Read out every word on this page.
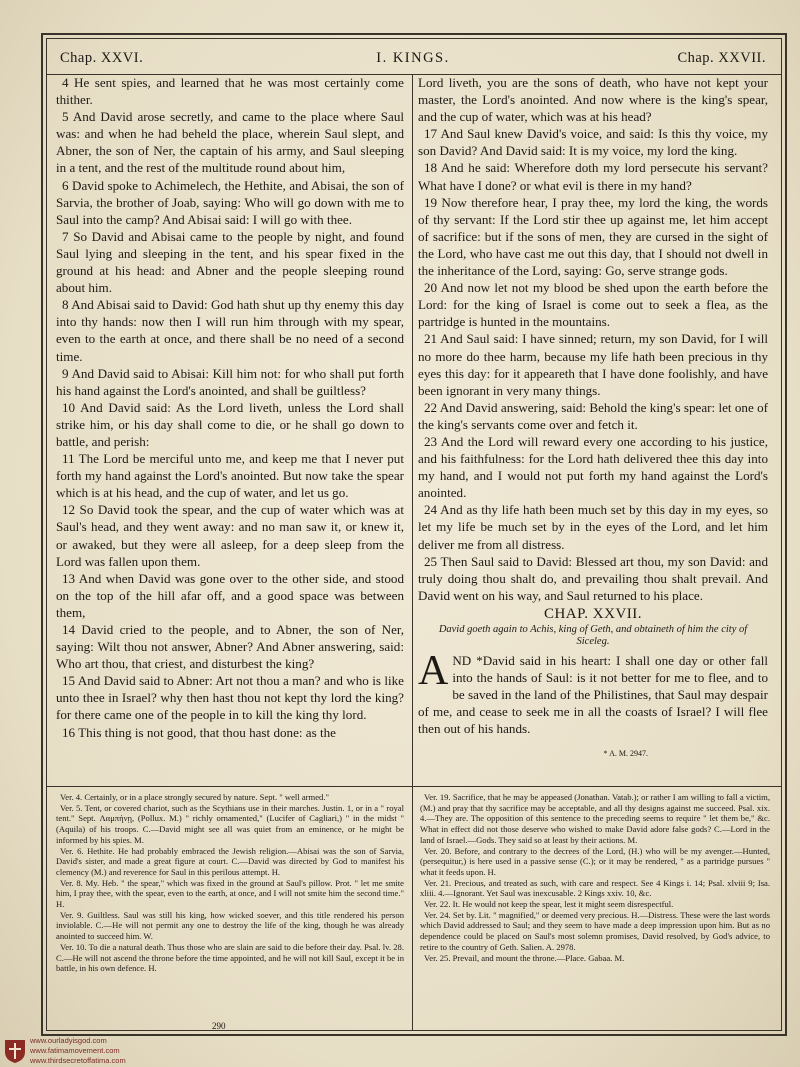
Chap. XXVI.	I. KINGS.	Chap. XXVII.

4 He sent spies, and learned that he was most certainly come thither.

5 And David arose secretly, and came to the place where Saul was: and when he had beheld the place, wherein Saul slept, and Abner, the son of Ner, the captain of his army, and Saul sleeping in a tent, and the rest of the multitude round about him,

6 David spoke to Achimelech, the Hethite, and Abisai, the son of Sarvia, the brother of Joab, saying: Who will go down with me to Saul into the camp? And Abisai said: I will go with thee.

7 So David and Abisai came to the people by night, and found Saul lying and sleeping in the tent, and his spear fixed in the ground at his head: and Abner and the people sleeping round about him.

8 And Abisai said to David: God hath shut up thy enemy this day into thy hands: now then I will run him through with my spear, even to the earth at once, and there shall be no need of a second time.

9 And David said to Abisai: Kill him not: for who shall put forth his hand against the Lord's anointed, and shall be guiltless?

10 And David said: As the Lord liveth, unless the Lord shall strike him, or his day shall come to die, or he shall go down to battle, and perish:

11 The Lord be merciful unto me, and keep me that I never put forth my hand against the Lord's anointed. But now take the spear which is at his head, and the cup of water, and let us go.

12 So David took the spear, and the cup of water which was at Saul's head, and they went away: and no man saw it, or knew it, or awaked, but they were all asleep, for a deep sleep from the Lord was fallen upon them.

13 And when David was gone over to the other side, and stood on the top of the hill afar off, and a good space was between them,

14 David cried to the people, and to Abner, the son of Ner, saying: Wilt thou not answer, Abner? And Abner answering, said: Who art thou, that criest, and disturbest the king?

15 And David said to Abner: Art not thou a man? and who is like unto thee in Israel? why then hast thou not kept thy lord the king? for there came one of the people in to kill the king thy lord.

16 This thing is not good, that thou hast done: as the

Lord liveth, you are the sons of death, who have not kept your master, the Lord's anointed. And now where is the king's spear, and the cup of water, which was at his head?

17 And Saul knew David's voice, and said: Is this thy voice, my son David? And David said: It is my voice, my lord the king.

18 And he said: Wherefore doth my lord persecute his servant? What have I done? or what evil is there in my hand?

19 Now therefore hear, I pray thee, my lord the king, the words of thy servant: If the Lord stir thee up against me, let him accept of sacrifice: but if the sons of men, they are cursed in the sight of the Lord, who have cast me out this day, that I should not dwell in the inheritance of the Lord, saying: Go, serve strange gods.

20 And now let not my blood be shed upon the earth before the Lord: for the king of Israel is come out to seek a flea, as the partridge is hunted in the mountains.

21 And Saul said: I have sinned; return, my son David, for I will no more do thee harm, because my life hath been precious in thy eyes this day: for it appeareth that I have done foolishly, and have been ignorant in very many things.

22 And David answering, said: Behold the king's spear: let one of the king's servants come over and fetch it.

23 And the Lord will reward every one according to his justice, and his faithfulness: for the Lord hath delivered thee this day into my hand, and I would not put forth my hand against the Lord's anointed.

24 And as thy life hath been much set by this day in my eyes, so let my life be much set by in the eyes of the Lord, and let him deliver me from all distress.

25 Then Saul said to David: Blessed art thou, my son David: and truly doing thou shalt do, and prevailing thou shalt prevail. And David went on his way, and Saul returned to his place.

CHAP. XXVII.
David goeth again to Achis, king of Geth, and obtaineth of him the city of Siceleg.

AND *David said in his heart: I shall one day or other fall into the hands of Saul: is it not better for me to flee, and to be saved in the land of the Philistines, that Saul may despair of me, and cease to seek me in all the coasts of Israel? I will flee then out of his hands.

* A. M. 2947.

Ver. 4. Certainly, or in a place strongly secured by nature. Sept. " well armed."

Ver. 5. Tent, or covered chariot, such as the Scythians use in their marches. Justin. 1, or in a " royal tent." Sept. Λαμπήνῃ, (Pollux. M.) " richly ornamented," (Lucifer of Cagliari,) " in the midst " (Aquila) of his troops. C.—David might see all was quiet from an eminence, or he might be informed by his spies. M.

Ver. 6. Hethite. He had probably embraced the Jewish religion.—Abisai was the son of Sarvia, David's sister, and made a great figure at court. C.—David was directed by God to manifest his clemency (M.) and reverence for Saul in this perilous attempt. H.

Ver. 8. My. Heb. " the spear," which was fixed in the ground at Saul's pillow. Prot. " let me smite him, I pray thee, with the spear, even to the earth, at once, and I will not smite him the second time." H.

Ver. 9. Guiltless. Saul was still his king, how wicked soever, and this title rendered his person inviolable. C.—He will not permit any one to destroy the life of the king, though he was already anointed to succeed him. W.

Ver. 10. To die a natural death. Thus those who are slain are said to die before their day. Psal. lv. 28. C.—He will not ascend the throne before the time appointed, and he will not kill Saul, except it be in battle, in his own defence. H.

Ver. 19. Sacrifice, that he may be appeased (Jonathan. Vatab.); or rather I am willing to fall a victim, (M.) and pray that thy sacrifice may be acceptable, and all thy designs against me succeed. Psal. xix. 4.—They are. The opposition of this sentence to the preceding seems to require " let them be," &c. What in effect did not those deserve who wished to make David adore false gods? C.—Lord in the land of Israel.—Gods. They said so at least by their actions. M.

Ver. 20. Before, and contrary to the decrees of the Lord, (H.) who will be my avenger.—Hunted, (persequitur,) is here used in a passive sense (C.); or it may be rendered, " as a partridge pursues " what it feeds upon. H.

Ver. 21. Precious, and treated as such, with care and respect. See 4 Kings i. 14; Psal. xlviii 9; Isa. xliii. 4.—Ignorant. Yet Saul was inexcusable. 2 Kings xxiv. 10, &c.

Ver. 22. It. He would not keep the spear, lest it might seem disrespectful.

Ver. 24. Set by. Lit. " magnified," or deemed very precious. H.—Distress. These were the last words which David addressed to Saul; and they seem to have made a deep impression upon him. But as no dependence could be placed on Saul's most solemn promises, David resolved, by God's advice, to retire to the country of Geth. Salien. A. 2978.

Ver. 25. Prevail, and mount the throne.—Place. Gabaa. M.

290
www.ourladyisgod.com
www.fatimamovement.com
www.thirdsecretoffatima.com
